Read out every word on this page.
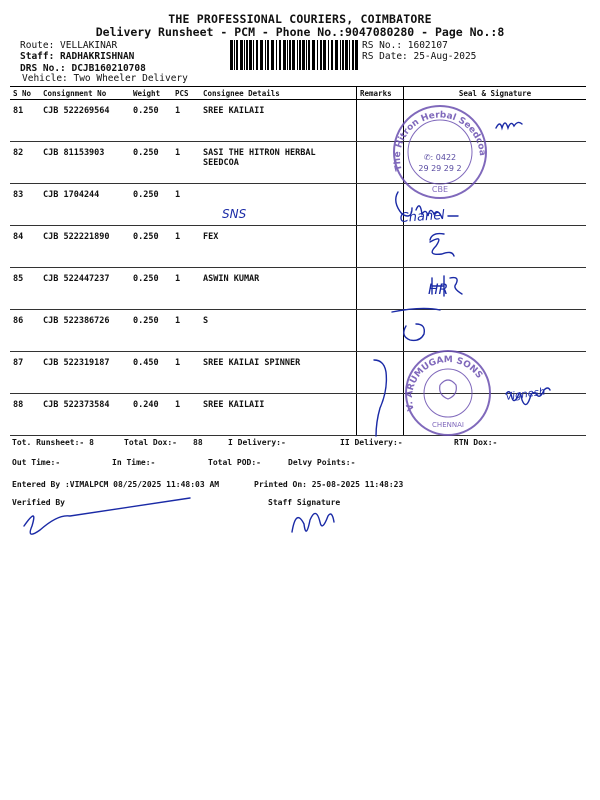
THE PROFESSIONAL COURIERS, COIMBATORE
Delivery Runsheet - PCM - Phone No.:9047080280 - Page No.:8
Route: VELLAKINAR
Staff: RADHAKRISHNAN
DRS No.: DCJB160210708
Vehicle: Two Wheeler Delivery
RS No.: 1602107
RS Date: 25-Aug-2025
S No	Consignment No	Weight	PCS	Consignee Details	Remarks	Seal & Signature
81	CJB 522269564	0.250	1	SREE KAILAII		
82	CJB 81153903	0.250	1	SASI THE HITRON HERBAL SEEDCOA		
83	CJB 1704244	0.250	1			
84	CJB 522221890	0.250	1	FEX		
85	CJB 522447237	0.250	1	ASWIN KUMAR		
86	CJB 522386726	0.250	1	S		
87	CJB 522319187	0.450	1	SREE KAILAI SPINNER		
88	CJB 522373584	0.240	1	SREE KAILAII		
The Hitron Herbal Seedcoa
✆: 0422
29 29 29 2
CBE
V. ARUMUGAM SONS
CHENNAI
SNS	Chanel
HR
Vignesh
Tot. Runsheet:- 8	Total Dox:- 88	I Delivery:-	II Delivery:-	RTN Dox:-
Out Time:-	In Time:-	Total POD:-	Delvy Points:-
Entered By :VIMALPCM 08/25/2025 11:48:03 AM	Printed On: 25-08-2025 11:48:23
Verified By	Staff Signature
